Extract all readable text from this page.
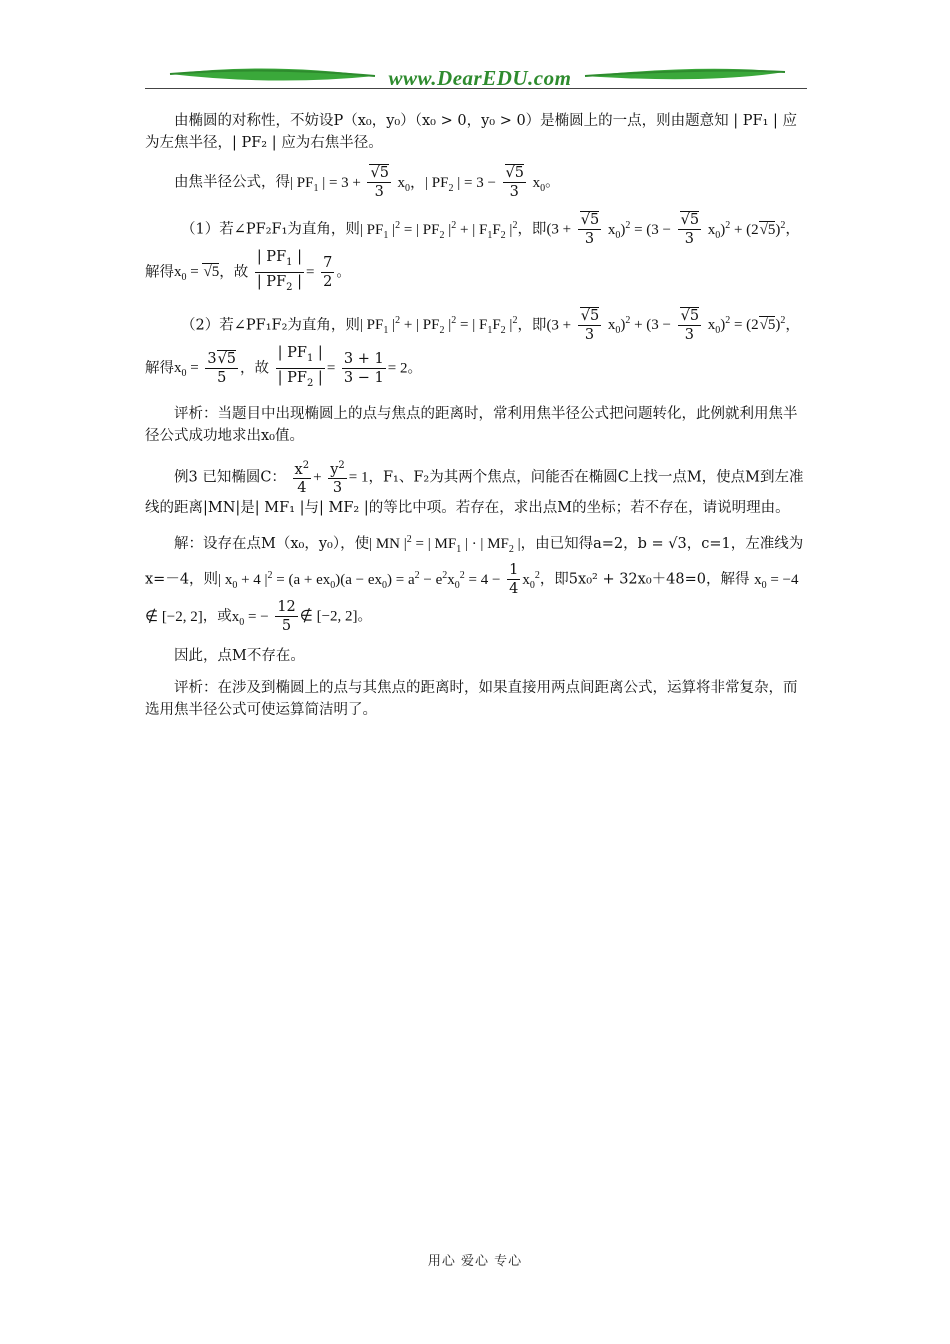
www.DearEDU.com

由椭圆的对称性，不妨设P（x₀，y₀）（x₀ > 0，y₀ > 0）是椭圆上的一点，则由题意知 | PF₁ | 应为左焦半径，| PF₂ | 应为右焦半径。

由焦半径公式，得| $PF_1$ | = $3 + \frac{√5}{3} x_0$，| $PF_2$ | = $3 - \frac{√5}{3} x_0$。

（1）若∠PF₂F₁为直角，则| $PF_1$ $|^2$ = | $PF_2$ $|^2$ + | $F_1F_2$ $|^2$，即$(3 + \frac{√5}{3} x_0)^2 = (3 - \frac{√5}{3} x_0)^2 + (2√5)^2$，解得$x_0 = √5$，故 $\frac{| PF_1 |}{| PF_2 |} = \frac{7}{2}$ 。

（2）若∠PF₁F₂为直角，则| $PF_1$ $|^2$ + | $PF_2$ $|^2$ = | $F_1F_2$ $|^2$，即$(3 + \frac{√5}{3} x_0)^2 + (3 - \frac{√5}{3} x_0)^2 = (2√5)^2$，解得$x_0 = \frac{3√5}{5}$ ，故 $\frac{| PF_1 |}{| PF_2 |} = \frac{3 + 1}{3 - 1} = 2$。

评析：当题目中出现椭圆上的点与焦点的距离时，常利用焦半径公式把问题转化，此例就利用焦半径公式成功地求出x₀值。

例3 已知椭圆C： $\frac{x^2}{4} + \frac{y^2}{3} = 1$，F₁、F₂为其两个焦点，问能否在椭圆C上找一点M，使点M到左准线的距离|MN|是| MF₁ |与| MF₂ |的等比中项。若存在，求出点M的坐标；若不存在，请说明理由。

解：设存在点M（x₀，y₀），使| MN $|^2$ = | $MF_1$ | · | $MF_2$ |，由已知得a=2，b = √3，c=1，左准线为x=－4，则| $x_0 + 4$ $|^2 = (a + ex_0)(a - ex_0) = a^2 - e^2x_0^2 = 4 - \frac{1}{4} x_0^2$，即5x₀² + 32x₀＋48=0，解得 $x_0 = -4$ ∉ [−2, 2]，或$x_0$ = − $\frac{12}{5}$ ∉ [−2, 2]。

因此，点M不存在。

评析：在涉及到椭圆上的点与其焦点的距离时，如果直接用两点间距离公式，运算将非常复杂，而选用焦半径公式可使运算简洁明了。

用心 爱心 专心
